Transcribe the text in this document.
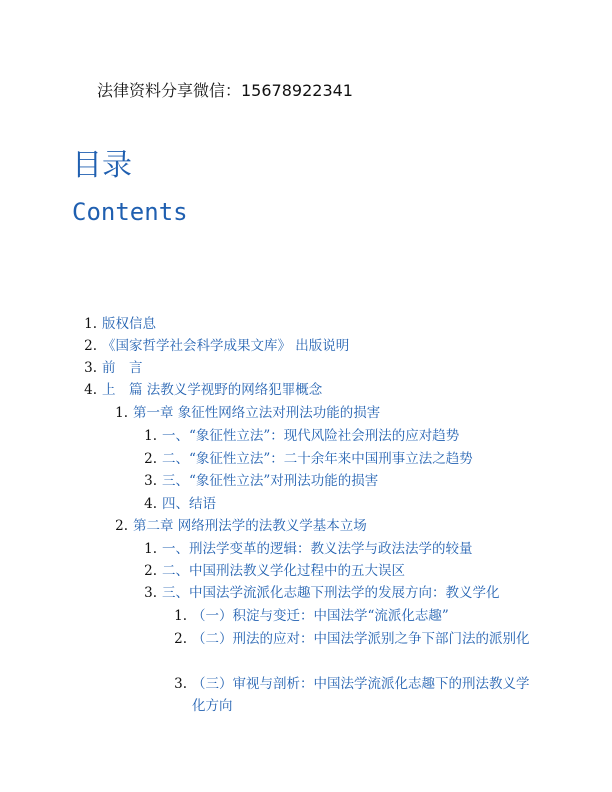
法律资料分享微信：15678922341
目录
Contents
1. 版权信息
2. 《国家哲学社会科学成果文库》 出版说明
3. 前　言
4. 上　篇 法教义学视野的网络犯罪概念
1. 第一章 象征性网络立法对刑法功能的损害
1. 一、“象征性立法”：现代风险社会刑法的应对趋势
2. 二、“象征性立法”：二十余年来中国刑事立法之趋势
3. 三、“象征性立法”对刑法功能的损害
4. 四、结语
2. 第二章 网络刑法学的法教义学基本立场
1. 一、刑法学变革的逻辑：教义法学与政法法学的较量
2. 二、中国刑法教义学化过程中的五大误区
3. 三、中国法学流派化志趣下刑法学的发展方向：教义学化
1. （一）积淀与变迁：中国法学“流派化志趣”
2. （二）刑法的应对：中国法学派别之争下部门法的派别化
3. （三）审视与剖析：中国法学流派化志趣下的刑法教义学化方向
